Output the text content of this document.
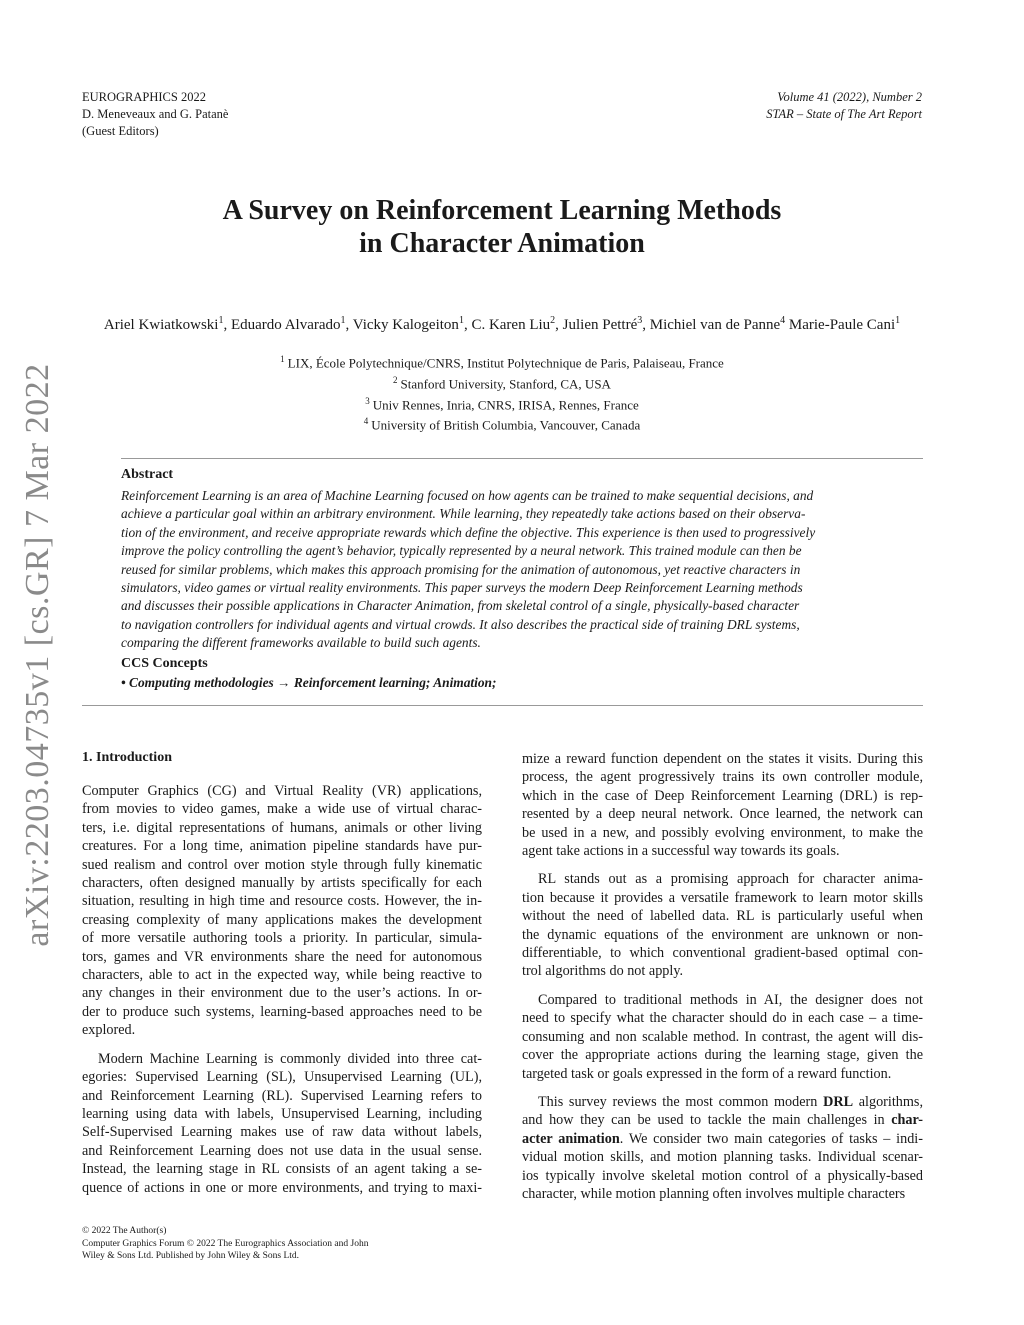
EUROGRAPHICS 2022
D. Meneveaux and G. Patanè
(Guest Editors)
Volume 41 (2022), Number 2
STAR – State of The Art Report
arXiv:2203.04735v1 [cs.GR] 7 Mar 2022
A Survey on Reinforcement Learning Methods
in Character Animation
Ariel Kwiatkowski$^1$, Eduardo Alvarado$^1$, Vicky Kalogeiton$^1$, C. Karen Liu$^2$, Julien Pettré$^3$, Michiel van de Panne$^4$ Marie-Paule Cani$^1$
$^1$ LIX, École Polytechnique/CNRS, Institut Polytechnique de Paris, Palaiseau, France
$^2$ Stanford University, Stanford, CA, USA
$^3$ Univ Rennes, Inria, CNRS, IRISA, Rennes, France
$^4$ University of British Columbia, Vancouver, Canada
Abstract
Reinforcement Learning is an area of Machine Learning focused on how agents can be trained to make sequential decisions, and
achieve a particular goal within an arbitrary environment. While learning, they repeatedly take actions based on their observa-
tion of the environment, and receive appropriate rewards which define the objective. This experience is then used to progressively
improve the policy controlling the agent’s behavior, typically represented by a neural network. This trained module can then be
reused for similar problems, which makes this approach promising for the animation of autonomous, yet reactive characters in
simulators, video games or virtual reality environments. This paper surveys the modern Deep Reinforcement Learning methods
and discusses their possible applications in Character Animation, from skeletal control of a single, physically-based character
to navigation controllers for individual agents and virtual crowds. It also describes the practical side of training DRL systems,
comparing the different frameworks available to build such agents.
CCS Concepts
• Computing methodologies → Reinforcement learning; Animation;
1. Introduction
Computer Graphics (CG) and Virtual Reality (VR) applications,
from movies to video games, make a wide use of virtual charac-
ters, i.e. digital representations of humans, animals or other living
creatures. For a long time, animation pipeline standards have pur-
sued realism and control over motion style through fully kinematic
characters, often designed manually by artists specifically for each
situation, resulting in high time and resource costs. However, the in-
creasing complexity of many applications makes the development
of more versatile authoring tools a priority. In particular, simula-
tors, games and VR environments share the need for autonomous
characters, able to act in the expected way, while being reactive to
any changes in their environment due to the user’s actions. In or-
der to produce such systems, learning-based approaches need to be
explored.
Modern Machine Learning is commonly divided into three cat-
egories: Supervised Learning (SL), Unsupervised Learning (UL),
and Reinforcement Learning (RL). Supervised Learning refers to
learning using data with labels, Unsupervised Learning, including
Self-Supervised Learning makes use of raw data without labels,
and Reinforcement Learning does not use data in the usual sense.
Instead, the learning stage in RL consists of an agent taking a se-
quence of actions in one or more environments, and trying to maxi-
mize a reward function dependent on the states it visits. During this
process, the agent progressively trains its own controller module,
which in the case of Deep Reinforcement Learning (DRL) is rep-
resented by a deep neural network. Once learned, the network can
be used in a new, and possibly evolving environment, to make the
agent take actions in a successful way towards its goals.
RL stands out as a promising approach for character anima-
tion because it provides a versatile framework to learn motor skills
without the need of labelled data. RL is particularly useful when
the dynamic equations of the environment are unknown or non-
differentiable, to which conventional gradient-based optimal con-
trol algorithms do not apply.
Compared to traditional methods in AI, the designer does not
need to specify what the character should do in each case – a time-
consuming and non scalable method. In contrast, the agent will dis-
cover the appropriate actions during the learning stage, given the
targeted task or goals expressed in the form of a reward function.
This survey reviews the most common modern DRL algorithms,
and how they can be used to tackle the main challenges in char-
acter animation. We consider two main categories of tasks – indi-
vidual motion skills, and motion planning tasks. Individual scenar-
ios typically involve skeletal motion control of a physically-based
character, while motion planning often involves multiple characters
© 2022 The Author(s)
Computer Graphics Forum © 2022 The Eurographics Association and John
Wiley & Sons Ltd. Published by John Wiley & Sons Ltd.
